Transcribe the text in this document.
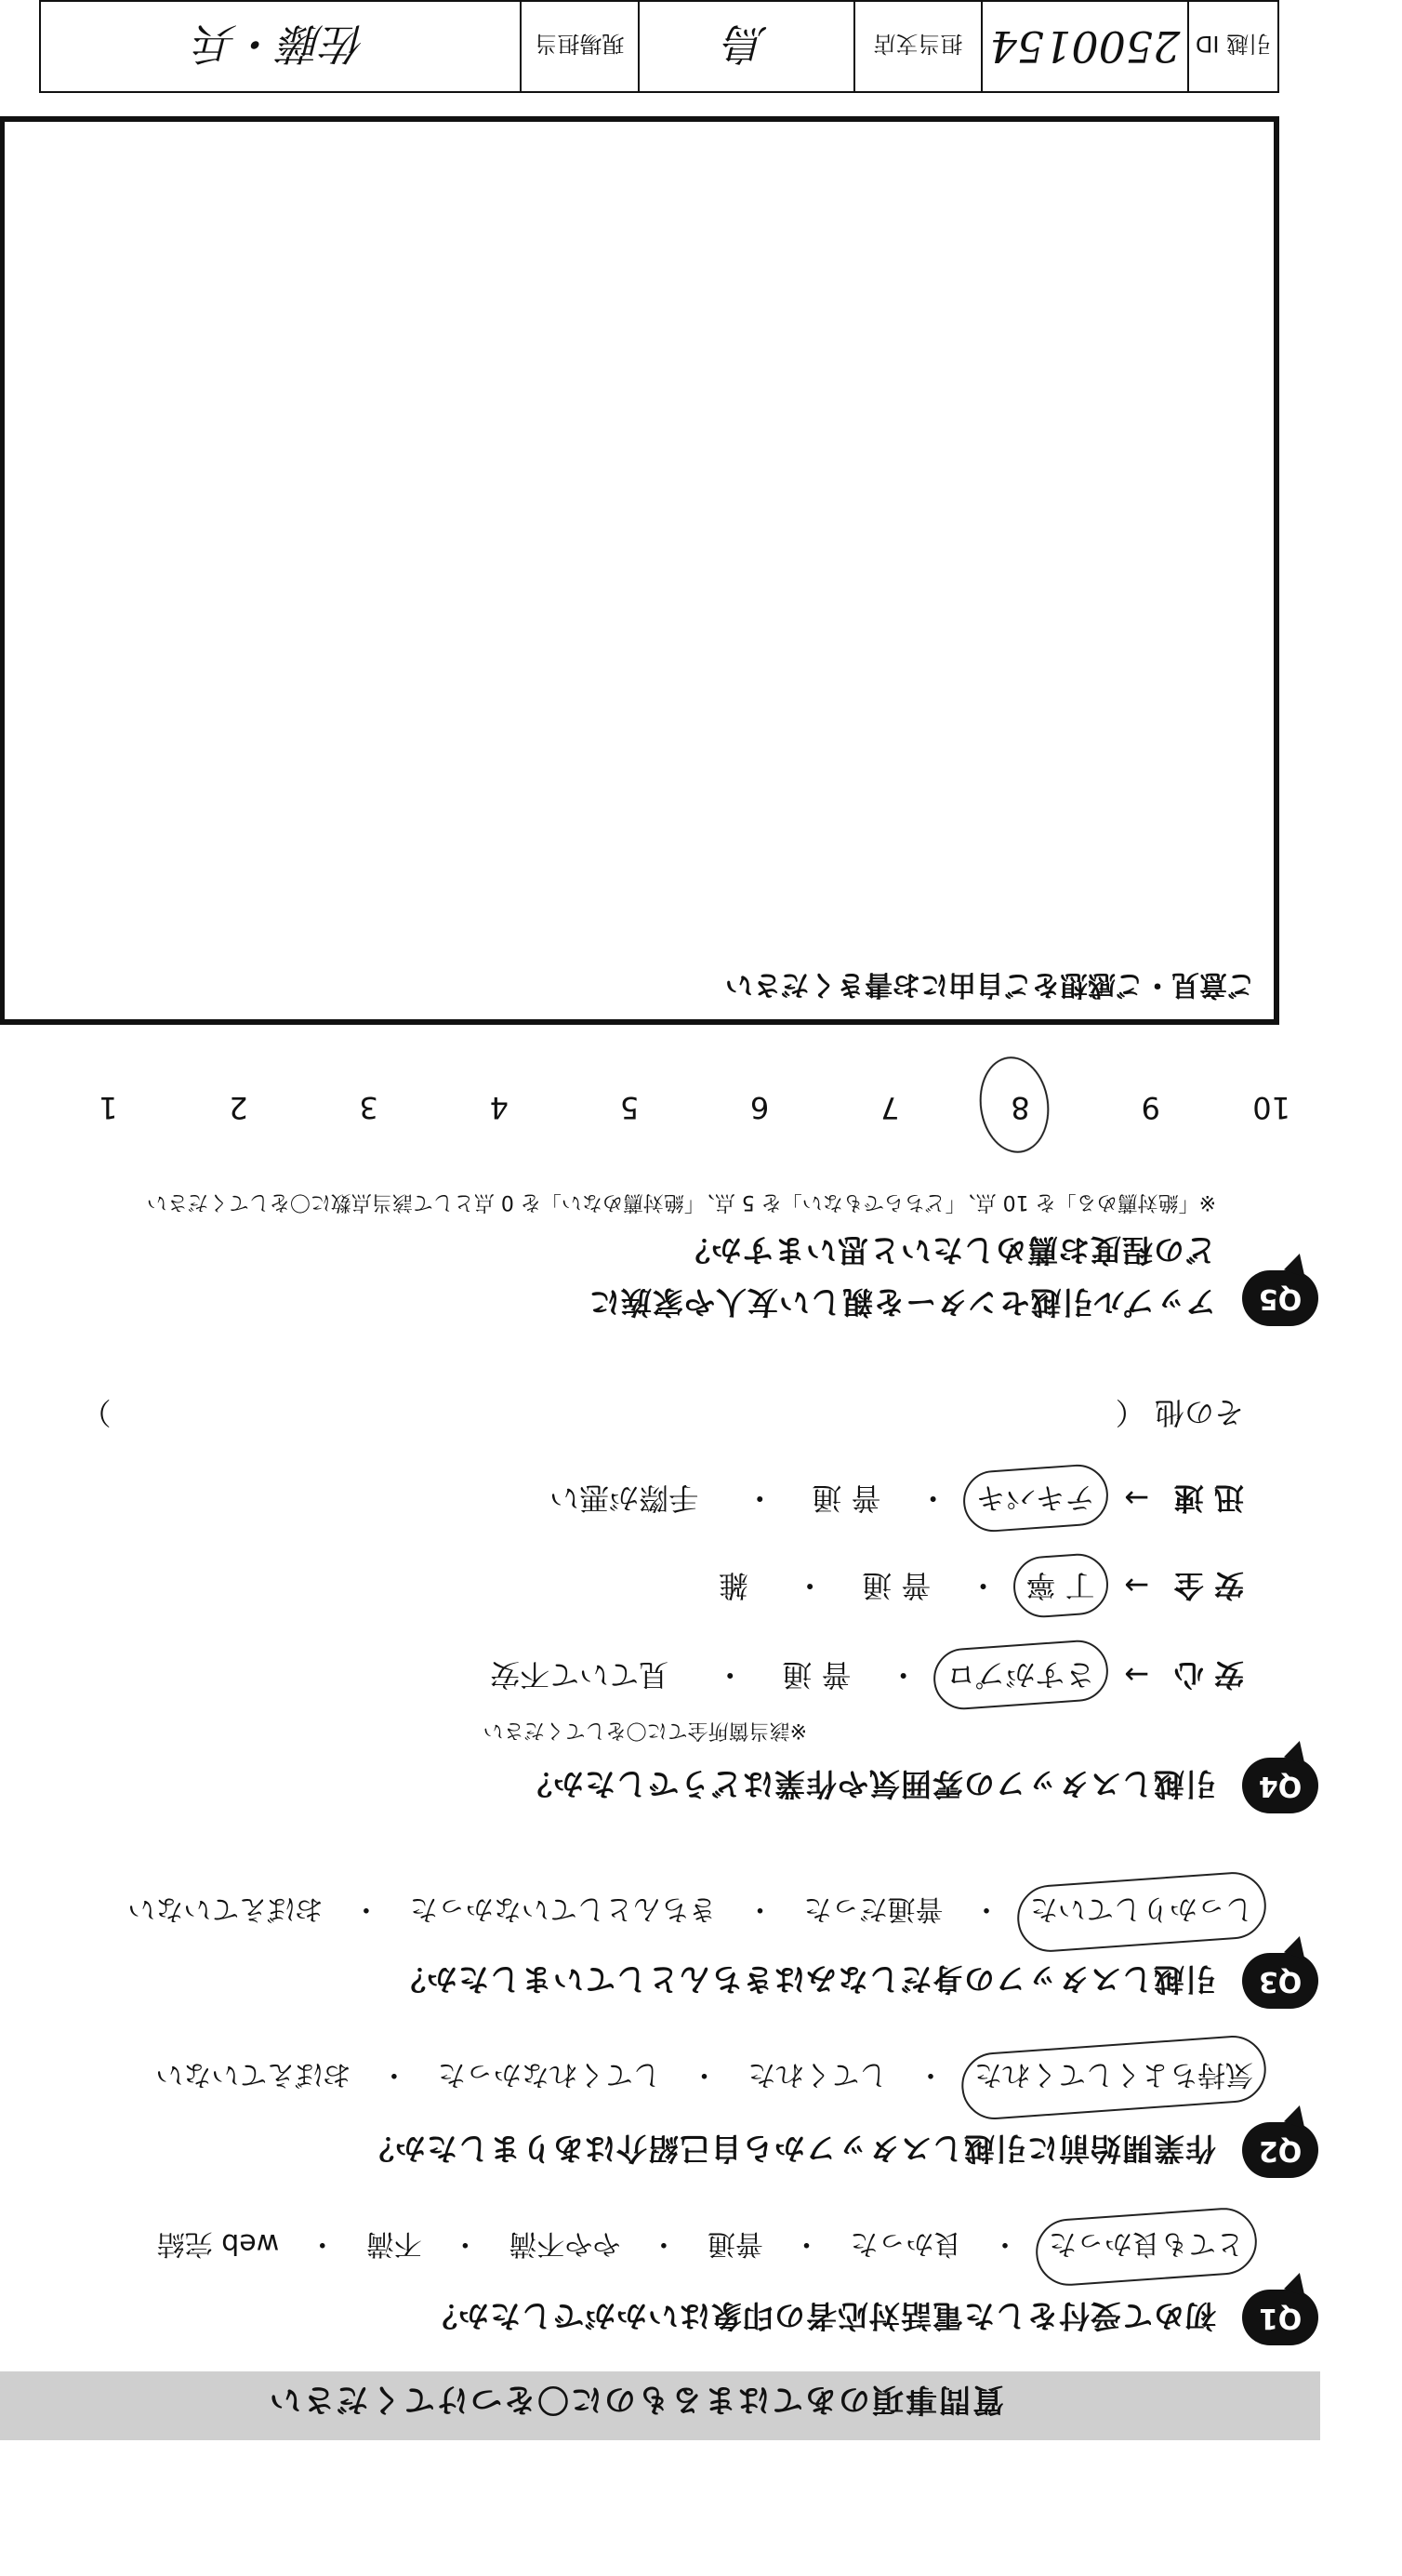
質問事項のあてはまるものに〇をつけてください
Q1
初めて受付をした電話対応者の印象はいかがでしたか？
とても良かった・ 良かった・ 普通・ やや不満・ 不満・ web 完結
Q2
作業開始前に引越しスタッフから自己紹介はありましたか？
気持ちよくしてくれた・ してくれた・ してくれなかった・ おぼえていない
Q3
引越しスタッフの身だしなみはきちんとしていましたか？
しっかりしていた・ 普通だった・ きちんとしていなかった・ おぼえていない
Q4
引越しスタッフの雰囲気や作業はどうでしたか？
※該当箇所全てに〇をしてください
安 心 → さすがプロ・ 普 通・ 見ていて不安
安 全 → 丁 寧・ 普 通・ 雑
迅 速 → テキパキ・ 普 通・ 手際が悪い
その他 （  ）
Q5
アップル引越センターを親しい友人や家族に
どの程度お薦めしたいと思いますか？
※「絶対薦める」を 10 点、「どちらでもない」を 5 点、「絶対薦めない」を 0 点として該当点数に〇をしてください
10 9 8 7 6 5 4 3 2 1
ご意見・ご感想をご自由にお書きください
引越 ID
2500154
担当支店
鳥
現場担当
佐藤・兵
